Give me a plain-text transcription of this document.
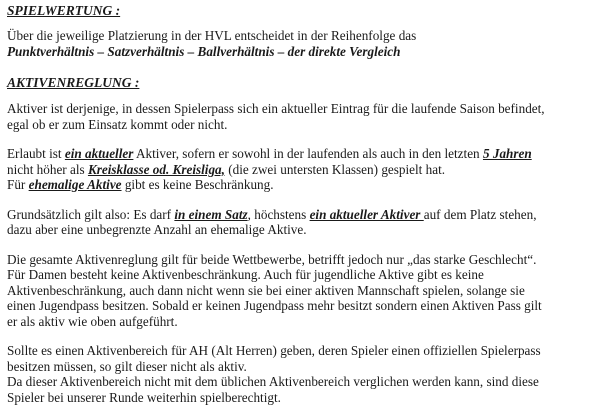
SPIELWERTUNG :
Über die jeweilige Platzierung in der HVL entscheidet in der Reihenfolge das
Punktverhältnis – Satzverhältnis – Ballverhältnis – der direkte Vergleich
AKTIVENREGLUNG :
Aktiver ist derjenige, in dessen Spielerpass sich ein aktueller Eintrag für die laufende Saison befindet,
egal ob er zum Einsatz kommt oder nicht.
Erlaubt ist ein aktueller Aktiver, sofern er sowohl in der laufenden als auch in den letzten 5 Jahren
nicht höher als Kreisklasse od. Kreisliga, (die zwei untersten Klassen) gespielt hat.
Für ehemalige Aktive gibt es keine Beschränkung.
Grundsätzlich gilt also: Es darf in einem Satz, höchstens ein aktueller Aktiver auf dem Platz stehen,
dazu aber eine unbegrenzte Anzahl an ehemalige Aktive.
Die gesamte Aktivenreglung gilt für beide Wettbewerbe, betrifft jedoch nur „das starke Geschlecht“.
Für Damen besteht keine Aktivenbeschränkung. Auch für jugendliche Aktive gibt es keine
Aktivenbeschränkung, auch dann nicht wenn sie bei einer aktiven Mannschaft spielen, solange sie
einen Jugendpass besitzen. Sobald er keinen Jugendpass mehr besitzt sondern einen Aktiven Pass gilt
er als aktiv wie oben aufgeführt.
Sollte es einen Aktivenbereich für AH (Alt Herren) geben, deren Spieler einen offiziellen Spielerpass
besitzen müssen, so gilt dieser nicht als aktiv.
Da dieser Aktivenbereich nicht mit dem üblichen Aktivenbereich verglichen werden kann, sind diese
Spieler bei unserer Runde weiterhin spielberechtigt.
